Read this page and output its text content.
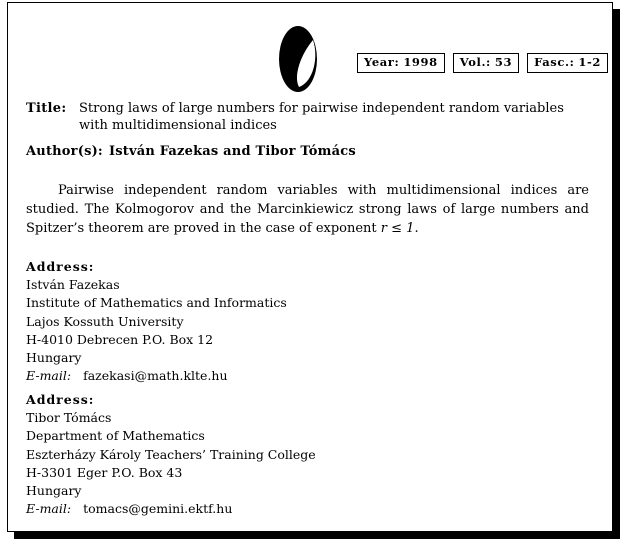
Year: 1998	Vol.: 53	Fasc.: 1-2
Title: Strong laws of large numbers for pairwise independent random variables with multidimensional indices
Author(s): István Fazekas and Tibor Tómács
Pairwise independent random variables with multidimensional indices are studied. The Kolmogorov and the Marcinkiewicz strong laws of large numbers and Spitzer’s theorem are proved in the case of exponent r ≤ 1.
Address:
István Fazekas
Institute of Mathematics and Informatics
Lajos Kossuth University
H-4010 Debrecen P.O. Box 12
Hungary
E-mail: fazekasi@math.klte.hu
Address:
Tibor Tómács
Department of Mathematics
Eszterházy Károly Teachers’ Training College
H-3301 Eger P.O. Box 43
Hungary
E-mail: tomacs@gemini.ektf.hu
